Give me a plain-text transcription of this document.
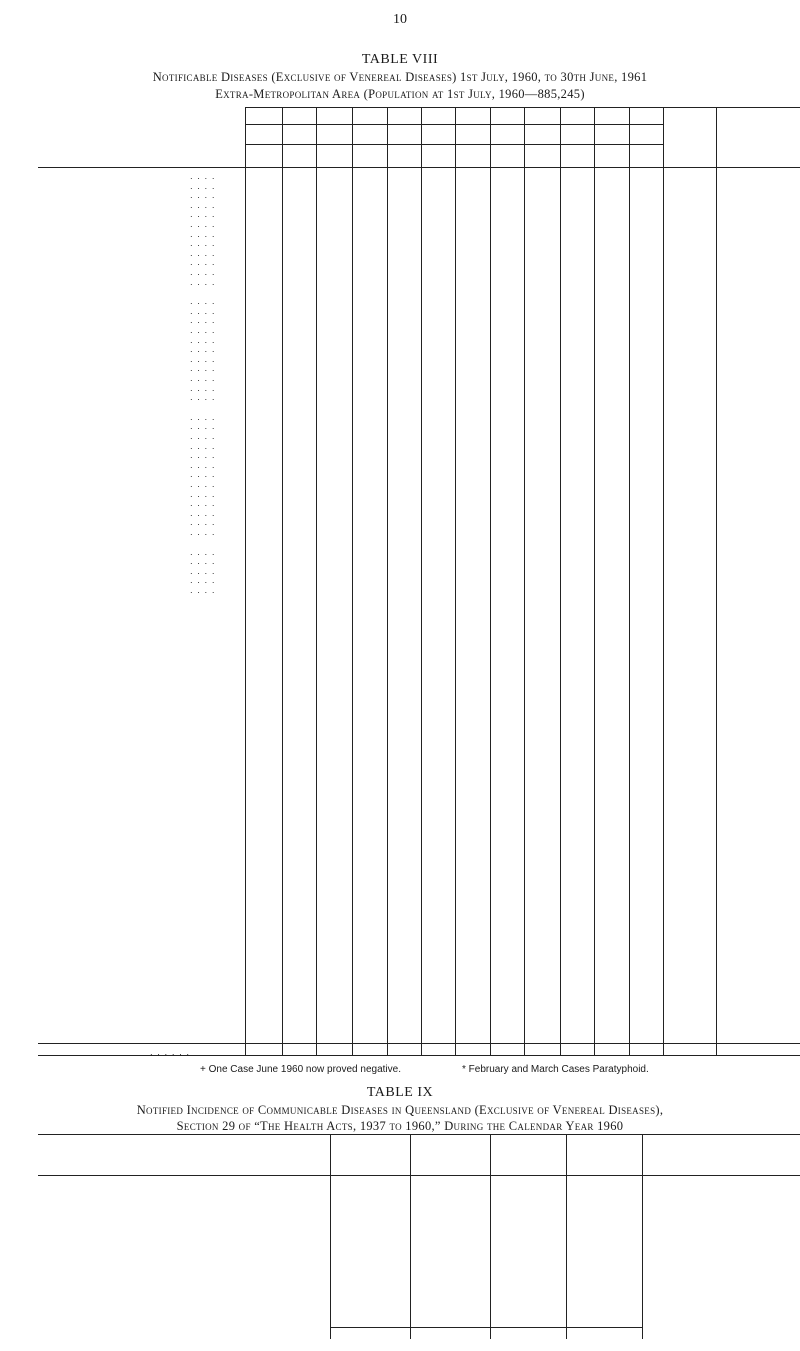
10
TABLE VIII
Notificable Diseases (Exclusive of Venereal Diseases) 1st July, 1960, to 30th June, 1961
Extra-Metropolitan Area (Population at 1st July, 1960—885,245)
. . . .
. . . .
. . . .
. . . .
. . . .
. . . .
. . . .
. . . .
. . . .
. . . .
. . . .
. . . .
. . . .
. . . .
. . . .
. . . .
. . . .
. . . .
. . . .
. . . .
. . . .
. . . .
. . . .
. . . .
. . . .
. . . .
. . . .
. . . .
. . . .
. . . .
. . . .
. . . .
. . . .
. . . .
. . . .
. . . .
. . . .
. . . .
. . . .
. . . .
. . . .
. . . . . .
+ One Case June 1960 now proved negative.	* February and March Cases Paratyphoid.
TABLE IX
Notified Incidence of Communicable Diseases in Queensland (Exclusive of Venereal Diseases),
Section 29 of “The Health Acts, 1937 to 1960,” During the Calendar Year 1960
